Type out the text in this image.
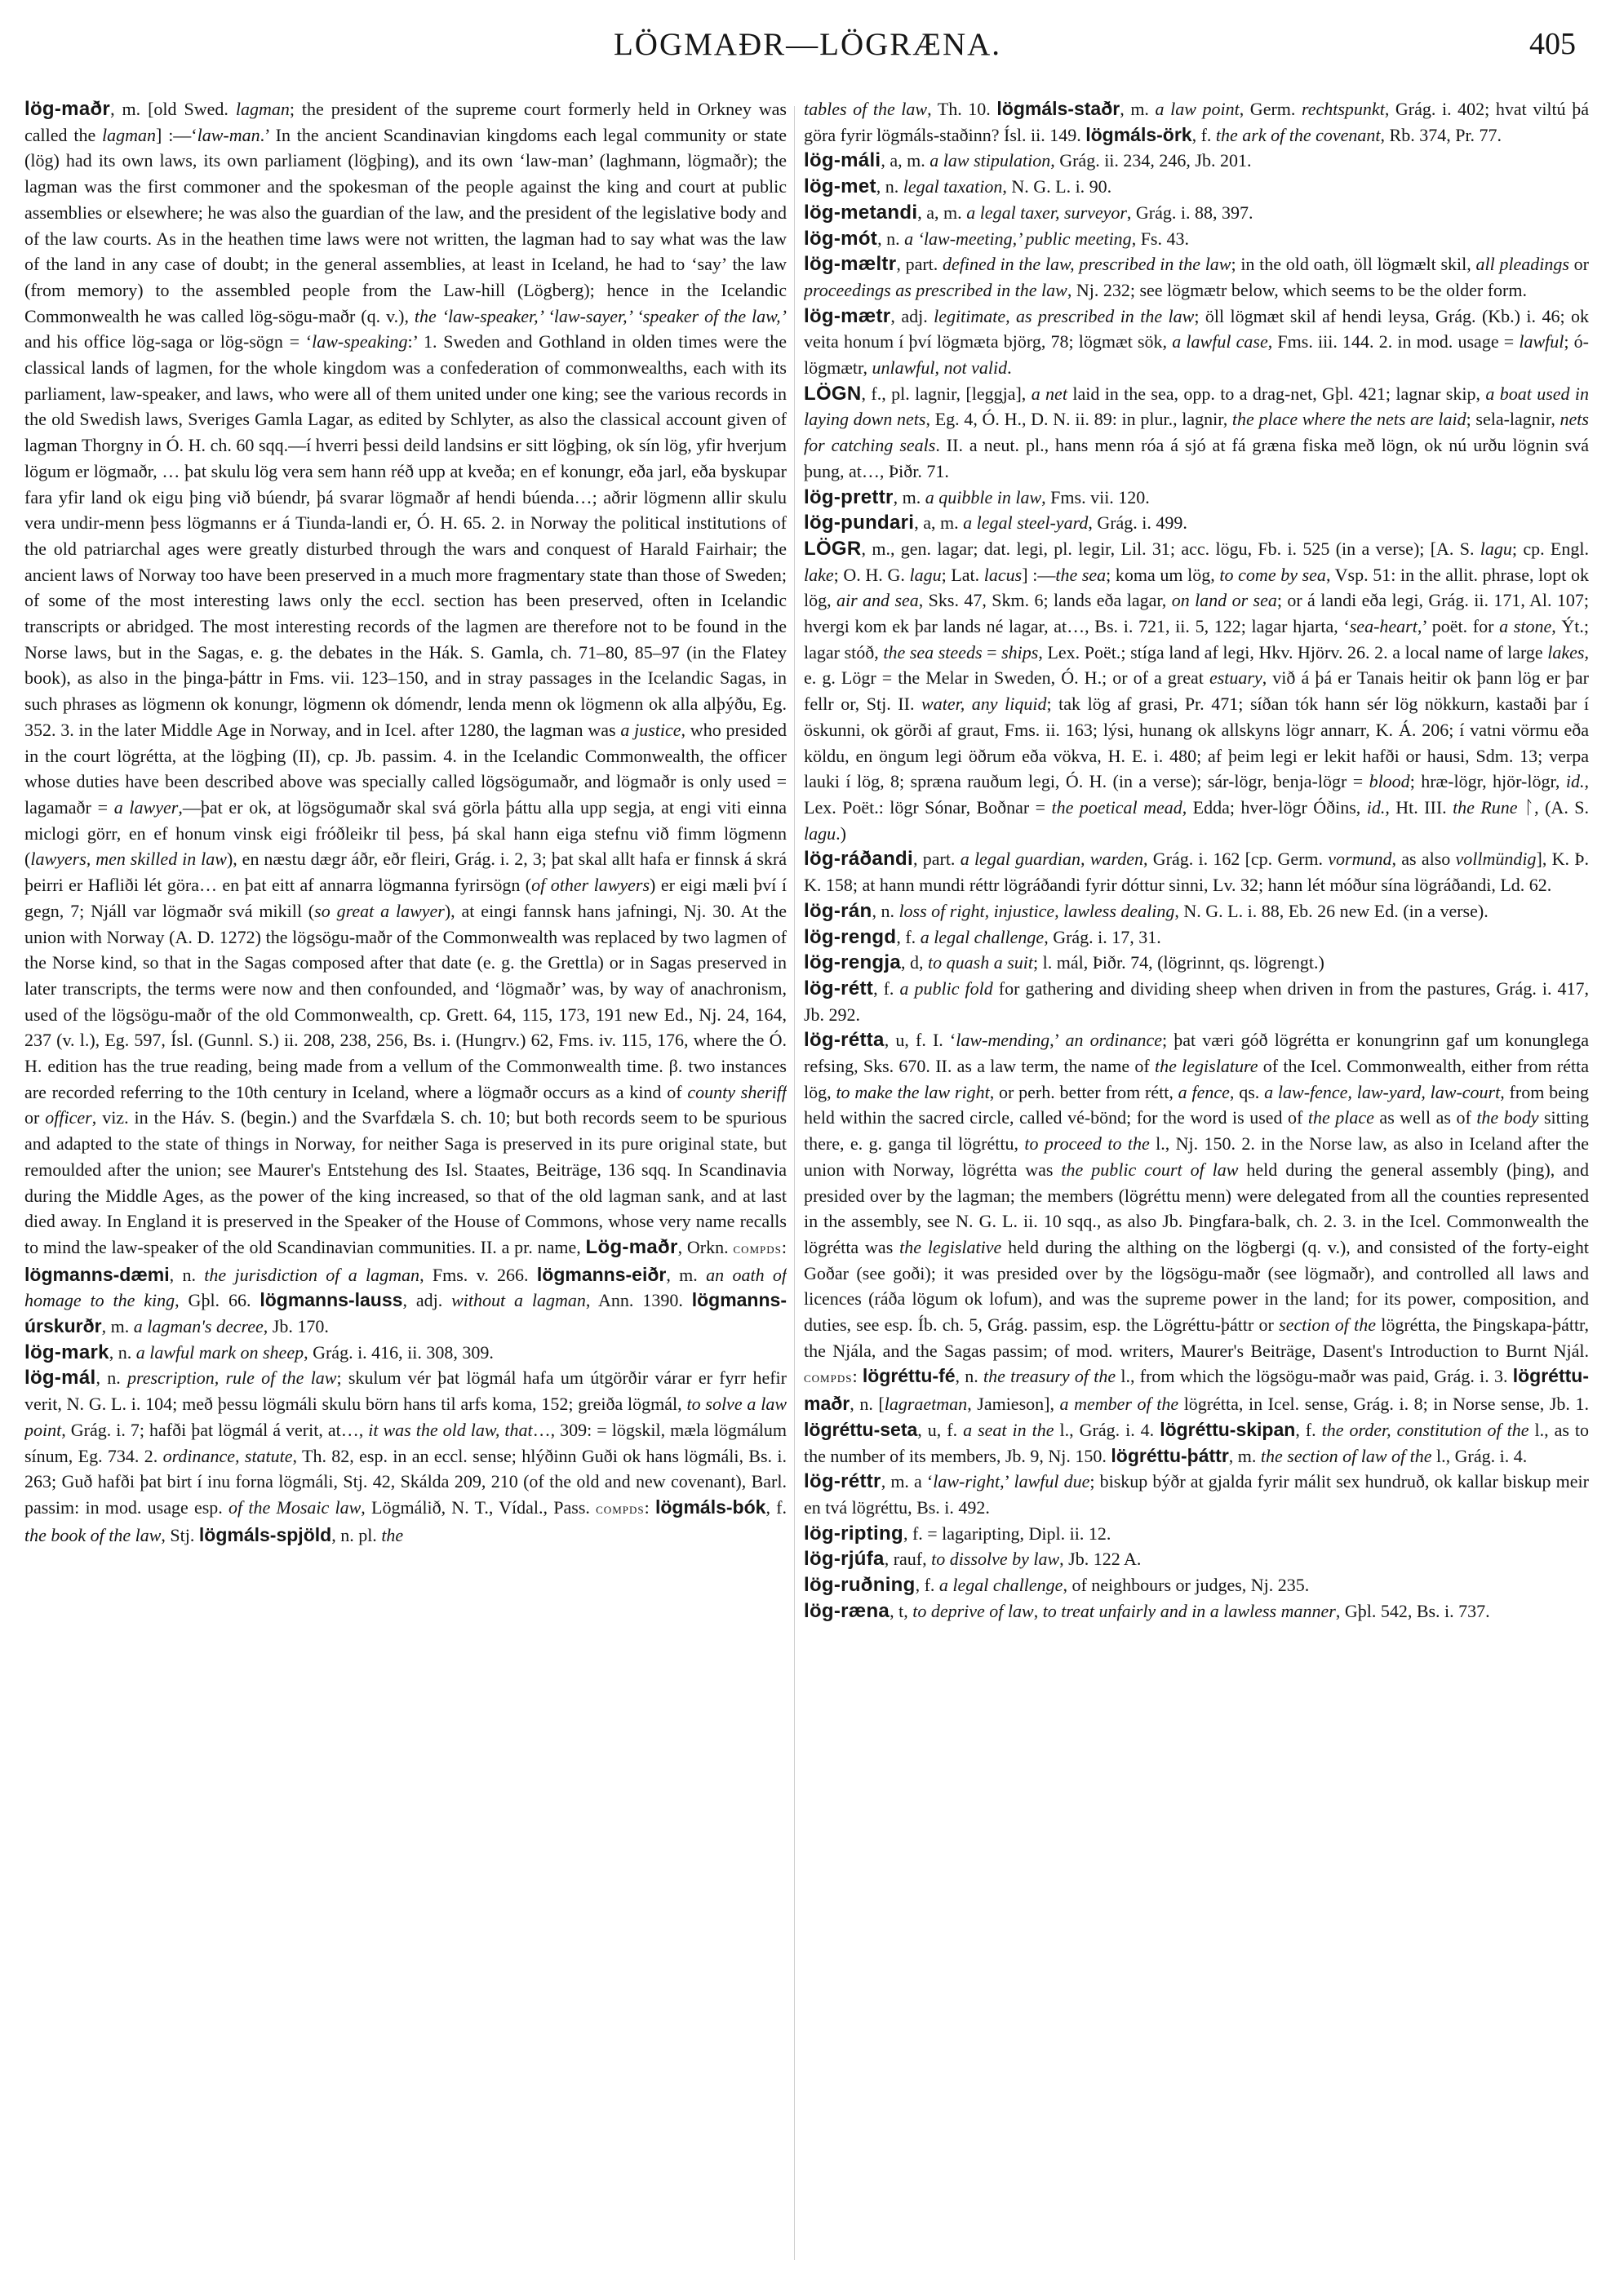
LÖGMAÐR—LÖGRÆNA.	405

lög-maðr, m. [old Swed. lagman; the president of the supreme court formerly held in Orkney was called the lagman] :—‘law-man.’ In the ancient Scandinavian kingdoms each legal community or state (lög) had its own laws, its own parliament (lögþing), and its own ‘law-man’ (laghmann, lögmaðr); the lagman was the first commoner and the spokesman of the people against the king and court at public assemblies or elsewhere; he was also the guardian of the law, and the president of the legislative body and of the law courts. As in the heathen time laws were not written, the lagman had to say what was the law of the land in any case of doubt; in the general assemblies, at least in Iceland, he had to ‘say’ the law (from memory) to the assembled people from the Law-hill (Lögberg); hence in the Icelandic Commonwealth he was called lög-sögu-maðr (q. v.), the ‘law-speaker,’ ‘law-sayer,’ ‘speaker of the law,’ and his office lög-saga or lög-sögn = ‘law-speaking:’ 1. Sweden and Gothland in olden times were the classical lands of lagmen, for the whole kingdom was a confederation of commonwealths, each with its parliament, law-speaker, and laws, who were all of them united under one king; see the various records in the old Swedish laws, Sveriges Gamla Lagar, as edited by Schlyter, as also the classical account given of lagman Thorgny in Ó. H. ch. 60 sqq.—í hverri þessi deild landsins er sitt lögþing, ok sín lög, yfir hverjum lögum er lögmaðr, … þat skulu lög vera sem hann réð upp at kveða; en ef konungr, eða jarl, eða byskupar fara yfir land ok eigu þing við búendr, þá svarar lögmaðr af hendi búenda…; aðrir lögmenn allir skulu vera undir-menn þess lögmanns er á Tiunda-landi er, Ó. H. 65. 2. in Norway the political institutions of the old patriarchal ages were greatly disturbed through the wars and conquest of Harald Fairhair; the ancient laws of Norway too have been preserved in a much more fragmentary state than those of Sweden; of some of the most interesting laws only the eccl. section has been preserved, often in Icelandic transcripts or abridged. The most interesting records of the lagmen are therefore not to be found in the Norse laws, but in the Sagas, e. g. the debates in the Hák. S. Gamla, ch. 71–80, 85–97 (in the Flatey book), as also in the þinga-þáttr in Fms. vii. 123–150, and in stray passages in the Icelandic Sagas, in such phrases as lögmenn ok konungr, lögmenn ok dómendr, lenda menn ok lögmenn ok alla alþýðu, Eg. 352. 3. in the later Middle Age in Norway, and in Icel. after 1280, the lagman was a justice, who presided in the court lögrétta, at the lögþing (II), cp. Jb. passim. 4. in the Icelandic Commonwealth, the officer whose duties have been described above was specially called lögsögumaðr, and lögmaðr is only used = lagamaðr = a lawyer,—þat er ok, at lögsögumaðr skal svá görla þáttu alla upp segja, at engi viti einna miclogi görr, en ef honum vinsk eigi fróðleikr til þess, þá skal hann eiga stefnu við fimm lögmenn (lawyers, men skilled in law), en næstu dægr áðr, eðr fleiri, Grág. i. 2, 3; þat skal allt hafa er finnsk á skrá þeirri er Hafliði lét göra… en þat eitt af annarra lögmanna fyrirsögn (of other lawyers) er eigi mæli því í gegn, 7; Njáll var lögmaðr svá mikill (so great a lawyer), at eingi fannsk hans jafningi, Nj. 30. At the union with Norway (A. D. 1272) the lögsögu-maðr of the Commonwealth was replaced by two lagmen of the Norse kind, so that in the Sagas composed after that date (e. g. the Grettla) or in Sagas preserved in later transcripts, the terms were now and then confounded, and ‘lögmaðr’ was, by way of anachronism, used of the lögsögu-maðr of the old Commonwealth, cp. Grett. 64, 115, 173, 191 new Ed., Nj. 24, 164, 237 (v. l.), Eg. 597, Ísl. (Gunnl. S.) ii. 208, 238, 256, Bs. i. (Hungrv.) 62, Fms. iv. 115, 176, where the Ó. H. edition has the true reading, being made from a vellum of the Commonwealth time. β. two instances are recorded referring to the 10th century in Iceland, where a lögmaðr occurs as a kind of county sheriff or officer, viz. in the Háv. S. (begin.) and the Svarfdæla S. ch. 10; but both records seem to be spurious and adapted to the state of things in Norway, for neither Saga is preserved in its pure original state, but remoulded after the union; see Maurer's Entstehung des Isl. Staates, Beiträge, 136 sqq. In Scandinavia during the Middle Ages, as the power of the king increased, so that of the old lagman sank, and at last died away. In England it is preserved in the Speaker of the House of Commons, whose very name recalls to mind the law-speaker of the old Scandinavian communities. II. a pr. name, Lög-maðr, Orkn. compds: lögmanns-dæmi, n. the jurisdiction of a lagman, Fms. v. 266. lögmanns-eiðr, m. an oath of homage to the king, Gþl. 66. lögmanns-lauss, adj. without a lagman, Ann. 1390. lögmanns-úrskurðr, m. a lagman's decree, Jb. 170.

lög-mark, n. a lawful mark on sheep, Grág. i. 416, ii. 308, 309.

lög-mál, n. prescription, rule of the law; skulum vér þat lögmál hafa um útgörðir várar er fyrr hefir verit, N. G. L. i. 104; með þessu lögmáli skulu börn hans til arfs koma, 152; greiða lögmál, to solve a law point, Grág. i. 7; hafði þat lögmál á verit, at…, it was the old law, that…, 309: = lögskil, mæla lögmálum sínum, Eg. 734. 2. ordinance, statute, Th. 82, esp. in an eccl. sense; hlýðinn Guði ok hans lögmáli, Bs. i. 263; Guð hafði þat birt í inu forna lögmáli, Stj. 42, Skálda 209, 210 (of the old and new covenant), Barl. passim: in mod. usage esp. of the Mosaic law, Lögmálið, N. T., Vídal., Pass. compds: lögmáls-bók, f. the book of the law, Stj. lögmáls-spjöld, n. pl. the

tables of the law, Th. 10. lögmáls-staðr, m. a law point, Germ. rechtspunkt, Grág. i. 402; hvat viltú þá göra fyrir lögmáls-staðinn? Ísl. ii. 149. lögmáls-örk, f. the ark of the covenant, Rb. 374, Pr. 77.

lög-máli, a, m. a law stipulation, Grág. ii. 234, 246, Jb. 201.

lög-met, n. legal taxation, N. G. L. i. 90.

lög-metandi, a, m. a legal taxer, surveyor, Grág. i. 88, 397.

lög-mót, n. a ‘law-meeting,’ public meeting, Fs. 43.

lög-mæltr, part. defined in the law, prescribed in the law; in the old oath, öll lögmælt skil, all pleadings or proceedings as prescribed in the law, Nj. 232; see lögmætr below, which seems to be the older form.

lög-mætr, adj. legitimate, as prescribed in the law; öll lögmæt skil af hendi leysa, Grág. (Kb.) i. 46; ok veita honum í því lögmæta björg, 78; lögmæt sök, a lawful case, Fms. iii. 144. 2. in mod. usage = lawful; ó-lögmætr, unlawful, not valid.

LÖGN, f., pl. lagnir, [leggja], a net laid in the sea, opp. to a drag-net, Gþl. 421; lagnar skip, a boat used in laying down nets, Eg. 4, Ó. H., D. N. ii. 89: in plur., lagnir, the place where the nets are laid; sela-lagnir, nets for catching seals. II. a neut. pl., hans menn róa á sjó at fá græna fiska með lögn, ok nú urðu lögnin svá þung, at…, Þiðr. 71.

lög-prettr, m. a quibble in law, Fms. vii. 120.

lög-pundari, a, m. a legal steel-yard, Grág. i. 499.

LÖGR, m., gen. lagar; dat. legi, pl. legir, Lil. 31; acc. lögu, Fb. i. 525 (in a verse); [A. S. lagu; cp. Engl. lake; O. H. G. lagu; Lat. lacus] :—the sea; koma um lög, to come by sea, Vsp. 51: in the allit. phrase, lopt ok lög, air and sea, Sks. 47, Skm. 6; lands eða lagar, on land or sea; or á landi eða legi, Grág. ii. 171, Al. 107; hvergi kom ek þar lands né lagar, at…, Bs. i. 721, ii. 5, 122; lagar hjarta, ‘sea-heart,’ poët. for a stone, Ýt.; lagar stóð, the sea steeds = ships, Lex. Poët.; stíga land af legi, Hkv. Hjörv. 26. 2. a local name of large lakes, e. g. Lögr = the Melar in Sweden, Ó. H.; or of a great estuary, við á þá er Tanais heitir ok þann lög er þar fellr or, Stj. II. water, any liquid; tak lög af grasi, Pr. 471; síðan tók hann sér lög nökkurn, kastaði þar í öskunni, ok görði af graut, Fms. ii. 163; lýsi, hunang ok allskyns lögr annarr, K. Á. 206; í vatni vörmu eða köldu, en öngum legi öðrum eða vökva, H. E. i. 480; af þeim legi er lekit hafði or hausi, Sdm. 13; verpa lauki í lög, 8; spræna rauðum legi, Ó. H. (in a verse); sár-lögr, benja-lögr = blood; hræ-lögr, hjör-lögr, id., Lex. Poët.: lögr Sónar, Boðnar = the poetical mead, Edda; hver-lögr Óðins, id., Ht. III. the Rune ᛚ, (A. S. lagu.)

lög-ráðandi, part. a legal guardian, warden, Grág. i. 162 [cp. Germ. vormund, as also vollmündig], K. Þ. K. 158; at hann mundi réttr lögráðandi fyrir dóttur sinni, Lv. 32; hann lét móður sína lögráðandi, Ld. 62.

lög-rán, n. loss of right, injustice, lawless dealing, N. G. L. i. 88, Eb. 26 new Ed. (in a verse).

lög-rengd, f. a legal challenge, Grág. i. 17, 31.

lög-rengja, d, to quash a suit; l. mál, Þiðr. 74, (lögrinnt, qs. lögrengt.)

lög-rétt, f. a public fold for gathering and dividing sheep when driven in from the pastures, Grág. i. 417, Jb. 292.

lög-rétta, u, f. I. ‘law-mending,’ an ordinance; þat væri góð lögrétta er konungrinn gaf um konunglega refsing, Sks. 670. II. as a law term, the name of the legislature of the Icel. Commonwealth, either from rétta lög, to make the law right, or perh. better from rétt, a fence, qs. a law-fence, law-yard, law-court, from being held within the sacred circle, called vé-bönd; for the word is used of the place as well as of the body sitting there, e. g. ganga til lögréttu, to proceed to the l., Nj. 150. 2. in the Norse law, as also in Iceland after the union with Norway, lögrétta was the public court of law held during the general assembly (þing), and presided over by the lagman; the members (lögréttu menn) were delegated from all the counties represented in the assembly, see N. G. L. ii. 10 sqq., as also Jb. Þingfara-balk, ch. 2. 3. in the Icel. Commonwealth the lögrétta was the legislative held during the althing on the lögbergi (q. v.), and consisted of the forty-eight Goðar (see goði); it was presided over by the lögsögu-maðr (see lögmaðr), and controlled all laws and licences (ráða lögum ok lofum), and was the supreme power in the land; for its power, composition, and duties, see esp. Íb. ch. 5, Grág. passim, esp. the Lögréttu-þáttr or section of the lögrétta, the Þingskapa-þáttr, the Njála, and the Sagas passim; of mod. writers, Maurer's Beiträge, Dasent's Introduction to Burnt Njál. compds: lögréttu-fé, n. the treasury of the l., from which the lögsögu-maðr was paid, Grág. i. 3. lögréttu-maðr, n. [lagraetman, Jamieson], a member of the lögrétta, in Icel. sense, Grág. i. 8; in Norse sense, Jb. 1. lögréttu-seta, u, f. a seat in the l., Grág. i. 4. lögréttu-skipan, f. the order, constitution of the l., as to the number of its members, Jb. 9, Nj. 150. lögréttu-þáttr, m. the section of law of the l., Grág. i. 4.

lög-réttr, m. a ‘law-right,’ lawful due; biskup býðr at gjalda fyrir málit sex hundruð, ok kallar biskup meir en tvá lögréttu, Bs. i. 492.

lög-ripting, f. = lagaripting, Dipl. ii. 12.

lög-rjúfa, rauf, to dissolve by law, Jb. 122 A.

lög-ruðning, f. a legal challenge, of neighbours or judges, Nj. 235.

lög-ræna, t, to deprive of law, to treat unfairly and in a lawless manner, Gþl. 542, Bs. i. 737.
